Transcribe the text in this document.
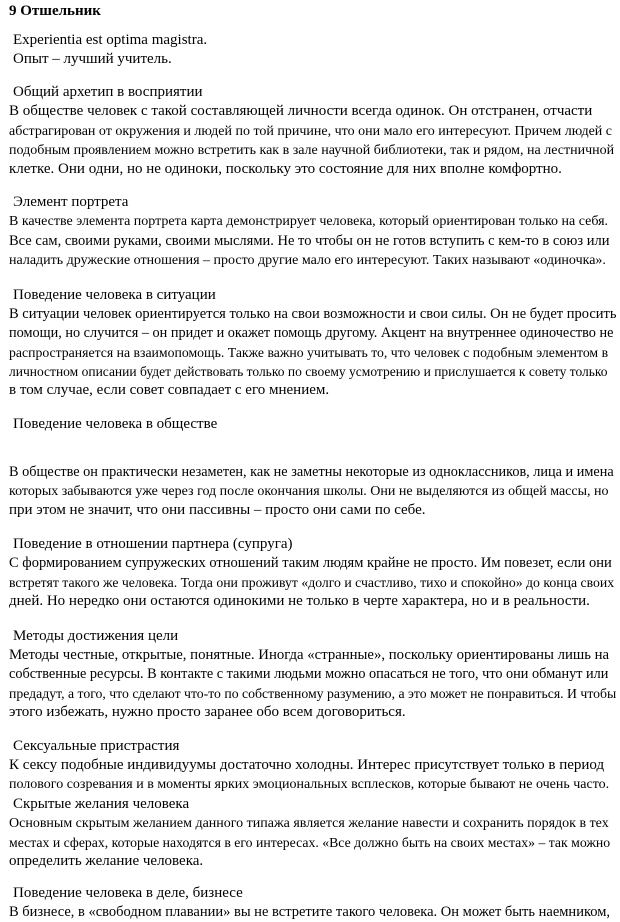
9 Отшельник
Experientia est optima magistra.
Опыт – лучший учитель.
Общий архетип в восприятии
В обществе человек с такой составляющей личности всегда одинок. Он отстранен, отчасти
абстрагирован от окружения и людей по той причине, что они мало его интересуют. Причем людей с
подобным проявлением можно встретить как в зале научной библиотеки, так и рядом, на лестничной
клетке. Они одни, но не одиноки, поскольку это состояние для них вполне комфортно.
Элемент портрета
В качестве элемента портрета карта демонстрирует человека, который ориентирован только на себя.
Все сам, своими руками, своими мыслями. Не то чтобы он не готов вступить с кем-то в союз или
наладить дружеские отношения – просто другие мало его интересуют. Таких называют «одиночка».
Поведение человека в ситуации
В ситуации человек ориентируется только на свои возможности и свои силы. Он не будет просить
помощи, но случится – он придет и окажет помощь другому. Акцент на внутреннее одиночество не
распространяется на взаимопомощь. Также важно учитывать то, что человек с подобным элементом в
личностном описании будет действовать только по своему усмотрению и прислушается к совету только
в том случае, если совет совпадает с его мнением.
Поведение человека в обществе
В обществе он практически незаметен, как не заметны некоторые из одноклассников, лица и имена
которых забываются уже через год после окончания школы. Они не выделяются из общей массы, но
при этом не значит, что они пассивны – просто они сами по себе.
Поведение в отношении партнера (супруга)
С формированием супружеских отношений таким людям крайне не просто. Им повезет, если они
встретят такого же человека. Тогда они проживут «долго и счастливо, тихо и спокойно» до конца своих
дней. Но нередко они остаются одинокими не только в черте характера, но и в реальности.
Методы достижения цели
Методы честные, открытые, понятные. Иногда «странные», поскольку ориентированы лишь на
собственные ресурсы. В контакте с такими людьми можно опасаться не того, что они обманут или
предадут, а того, что сделают что-то по собственному разумению, а это может не понравиться. И чтобы
этого избежать, нужно просто заранее обо всем договориться.
Сексуальные пристрастия
К сексу подобные индивидуумы достаточно холодны. Интерес присутствует только в период
полового созревания и в моменты ярких эмоциональных всплесков, которые бывают не очень часто.
Скрытые желания человека
Основным скрытым желанием данного типажа является желание навести и сохранить порядок в тех
местах и сферах, которые находятся в его интересах. «Все должно быть на своих местах» – так можно
определить желание человека.
Поведение человека в деле, бизнесе
В бизнесе, в «свободном плавании» вы не встретите такого человека. Он может быть наемником,
